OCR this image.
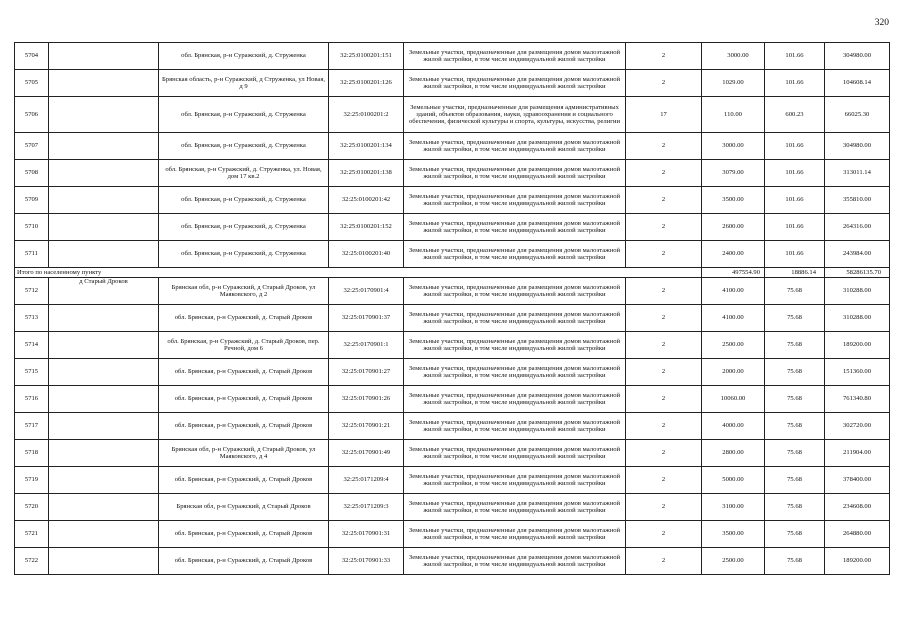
320
5704		обл. Брянская, р-н Суражский, д. Струженка	32:25:0100201:151	Земельные участки, предназначенные для размещения домов малоэтажной жилой застройки, в том числе индивидуальной жилой застройки	2	3000.00	101.66	304980.00
5705		Брянская область, р-н Суражский, д Струженка, ул Новая, д 9	32:25:0100201:126	Земельные участки, предназначенные для размещения домов малоэтажной жилой застройки, в том числе индивидуальной жилой застройки	2	1029.00	101.66	104608.14
5706		обл. Брянская, р-н Суражский, д. Струженка	32:25:0100201:2	Земельные участки, предназначенные для размещения административных зданий, объектов образования, науки, здравоохранения и социального обеспечения, физической культуры и спорта, культуры, искусства, религии	17	110.00	600.23	66025.30
5707		обл. Брянская, р-н Суражский, д. Струженка	32:25:0100201:134	Земельные участки, предназначенные для размещения домов малоэтажной жилой застройки, в том числе индивидуальной жилой застройки	2	3000.00	101.66	304980.00
5708		обл. Брянская, р-н Суражский, д. Струженка, ул. Новая, дом 17 кв.2	32:25:0100201:138	Земельные участки, предназначенные для размещения домов малоэтажной жилой застройки, в том числе индивидуальной жилой застройки	2	3079.00	101.66	313011.14
5709		обл. Брянская, р-н Суражский, д. Струженка	32:25:0100201:42	Земельные участки, предназначенные для размещения домов малоэтажной жилой застройки, в том числе индивидуальной жилой застройки	2	3500.00	101.66	355810.00
5710		обл. Брянская, р-н Суражский, д. Струженка	32:25:0100201:152	Земельные участки, предназначенные для размещения домов малоэтажной жилой застройки, в том числе индивидуальной жилой застройки	2	2600.00	101.66	264316.00
5711		обл. Брянская, р-н Суражский, д. Струженка	32:25:0100201:40	Земельные участки, предназначенные для размещения домов малоэтажной жилой застройки, в том числе индивидуальной жилой застройки	2	2400.00	101.66	243984.00
Итого по населенному пункту						497554.90	18886.14	58286135.70
5712	д Старый Дроков	Брянская обл, р-н Суражский, д Старый Дроков, ул Маяковского, д 2	32:25:0170901:4	Земельные участки, предназначенные для размещения домов малоэтажной жилой застройки, в том числе индивидуальной жилой застройки	2	4100.00	75.68	310288.00
5713		обл. Брянская, р-н Суражский, д. Старый Дроков	32:25:0170901:37	Земельные участки, предназначенные для размещения домов малоэтажной жилой застройки, в том числе индивидуальной жилой застройки	2	4100.00	75.68	310288.00
5714		обл. Брянская, р-н Суражский, д. Старый Дроков, пер. Речной, дом 6	32:25:0170901:1	Земельные участки, предназначенные для размещения домов малоэтажной жилой застройки, в том числе индивидуальной жилой застройки	2	2500.00	75.68	189200.00
5715		обл. Брянская, р-н Суражский, д. Старый Дроков	32:25:0170901:27	Земельные участки, предназначенные для размещения домов малоэтажной жилой застройки, в том числе индивидуальной жилой застройки	2	2000.00	75.68	151360.00
5716		обл. Брянская, р-н Суражский, д. Старый Дроков	32:25:0170901:26	Земельные участки, предназначенные для размещения домов малоэтажной жилой застройки, в том числе индивидуальной жилой застройки	2	10060.00	75.68	761340.80
5717		обл. Брянская, р-н Суражский, д. Старый Дроков	32:25:0170901:21	Земельные участки, предназначенные для размещения домов малоэтажной жилой застройки, в том числе индивидуальной жилой застройки	2	4000.00	75.68	302720.00
5718		Брянская обл, р-н Суражский, д Старый Дроков, ул Маяковского, д 4	32:25:0170901:49	Земельные участки, предназначенные для размещения домов малоэтажной жилой застройки, в том числе индивидуальной жилой застройки	2	2800.00	75.68	211904.00
5719		обл. Брянская, р-н Суражский, д. Старый Дроков	32:25:0171209:4	Земельные участки, предназначенные для размещения домов малоэтажной жилой застройки, в том числе индивидуальной жилой застройки	2	5000.00	75.68	378400.00
5720		Брянская обл, р-н Суражский, д Старый Дроков	32:25:0171209:3	Земельные участки, предназначенные для размещения домов малоэтажной жилой застройки, в том числе индивидуальной жилой застройки	2	3100.00	75.68	234608.00
5721		обл. Брянская, р-н Суражский, д. Старый Дроков	32:25:0170901:31	Земельные участки, предназначенные для размещения домов малоэтажной жилой застройки, в том числе индивидуальной жилой застройки	2	3500.00	75.68	264880.00
5722		обл. Брянская, р-н Суражский, д. Старый Дроков	32:25:0170901:33	Земельные участки, предназначенные для размещения домов малоэтажной жилой застройки, в том числе индивидуальной жилой застройки	2	2500.00	75.68	189200.00
